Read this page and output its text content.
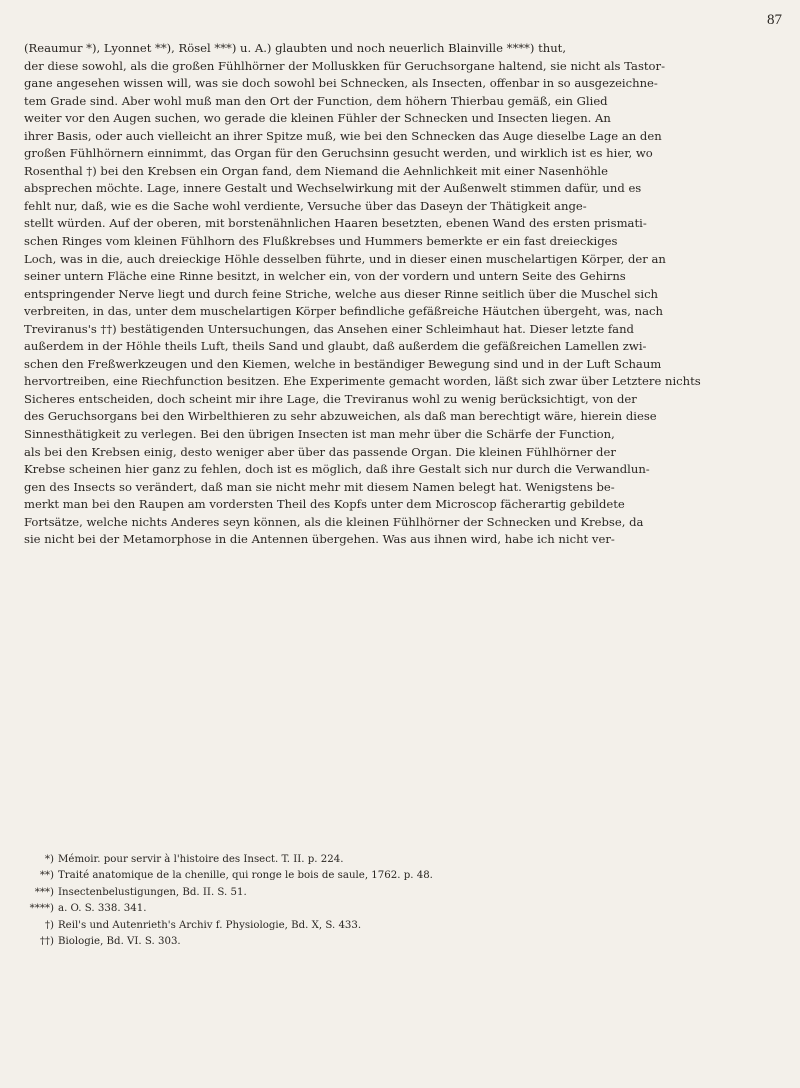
87
(Reaumur *), Lyonnet **), Rösel ***) u. A.) glaubten und noch neuerlich Blainville ****) thut,
der diese sowohl, als die großen Fühlhörner der Molluskken für Geruchsorgane haltend, sie nicht als Tastor-
gane angesehen wissen will, was sie doch sowohl bei Schnecken, als Insecten, offenbar in so ausgezeichne-
tem Grade sind. Aber wohl muß man den Ort der Function, dem höhern Thierbau gemäß, ein Glied
weiter vor den Augen suchen, wo gerade die kleinen Fühler der Schnecken und Insecten liegen. An
ihrer Basis, oder auch vielleicht an ihrer Spitze muß, wie bei den Schnecken das Auge dieselbe Lage an den
großen Fühlhörnern einnimmt, das Organ für den Geruchsinn gesucht werden, und wirklich ist es hier, wo
Rosenthal †) bei den Krebsen ein Organ fand, dem Niemand die Aehnlichkeit mit einer Nasenhöhle
absprechen möchte. Lage, innere Gestalt und Wechselwirkung mit der Außenwelt stimmen dafür, und es
fehlt nur, daß, wie es die Sache wohl verdiente, Versuche über das Daseyn der Thätigkeit ange-
stellt würden. Auf der oberen, mit borstenähnlichen Haaren besetzten, ebenen Wand des ersten prismati-
schen Ringes vom kleinen Fühlhorn des Flußkrebses und Hummers bemerkte er ein fast dreieckiges
Loch, was in die, auch dreieckige Höhle desselben führte, und in dieser einen muschelartigen Körper, der an
seiner untern Fläche eine Rinne besitzt, in welcher ein, von der vordern und untern Seite des Gehirns
entspringender Nerve liegt und durch feine Striche, welche aus dieser Rinne seitlich über die Muschel sich
verbreiten, in das, unter dem muschelartigen Körper befindliche gefäßreiche Häutchen übergeht, was, nach
Treviranus's ††) bestätigenden Untersuchungen, das Ansehen einer Schleimhaut hat. Dieser letzte fand
außerdem in der Höhle theils Luft, theils Sand und glaubt, daß außerdem die gefäßreichen Lamellen zwi-
schen den Freßwerkzeugen und den Kiemen, welche in beständiger Bewegung sind und in der Luft Schaum
hervortreiben, eine Riechfunction besitzen. Ehe Experimente gemacht worden, läßt sich zwar über Letztere nichts
Sicheres entscheiden, doch scheint mir ihre Lage, die Treviranus wohl zu wenig berücksichtigt, von der
des Geruchsorgans bei den Wirbelthieren zu sehr abzuweichen, als daß man berechtigt wäre, hierein diese
Sinnesthätigkeit zu verlegen. Bei den übrigen Insecten ist man mehr über die Schärfe der Function,
als bei den Krebsen einig, desto weniger aber über das passende Organ. Die kleinen Fühlhörner der
Krebse scheinen hier ganz zu fehlen, doch ist es möglich, daß ihre Gestalt sich nur durch die Verwandlun-
gen des Insects so verändert, daß man sie nicht mehr mit diesem Namen belegt hat. Wenigstens be-
merkt man bei den Raupen am vordersten Theil des Kopfs unter dem Microscop fächerartig gebildete
Fortsätze, welche nichts Anderes seyn können, als die kleinen Fühlhörner der Schnecken und Krebse, da
sie nicht bei der Metamorphose in die Antennen übergehen. Was aus ihnen wird, habe ich nicht ver-
*) Mémoir. pour servir à l'histoire des Insect. T. II. p. 224.
**) Traité anatomique de la chenille, qui ronge le bois de saule, 1762. p. 48.
***) Insectenbelustigungen, Bd. II. S. 51.
****) a. O. S. 338. 341.
†) Reil's und Autenrieth's Archiv f. Physiologie, Bd. X, S. 433.
††) Biologie, Bd. VI. S. 303.
